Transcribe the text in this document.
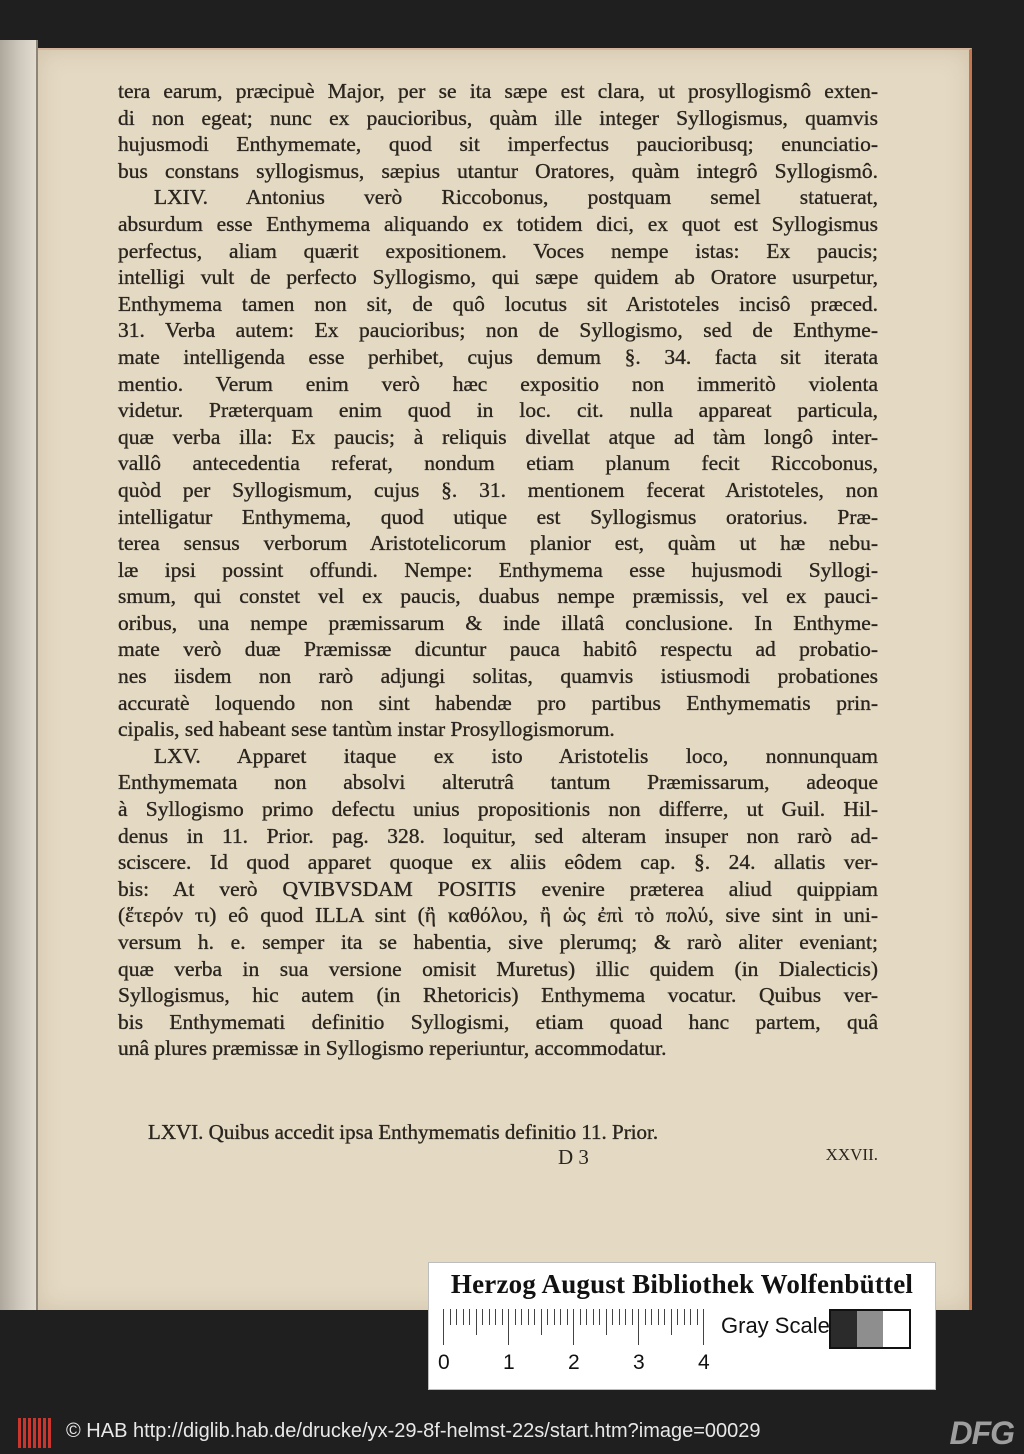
tera earum, præcipuè Major, per se ita sæpe est clara, ut prosyllogismô exten-
di non egeat; nunc ex paucioribus, quàm ille integer Syllogismus, quamvis
hujusmodi Enthymemate, quod sit imperfectus paucioribusq; enunciatio-
bus constans syllogismus, sæpius utantur Oratores, quàm integrô Syllogismô.
LXIV. Antonius verò Riccobonus, postquam semel statuerat,
absurdum esse Enthymema aliquando ex totidem dici, ex quot est Syllogismus
perfectus, aliam quærit expositionem. Voces nempe istas: Ex paucis;
intelligi vult de perfecto Syllogismo, qui sæpe quidem ab Oratore usurpetur,
Enthymema tamen non sit, de quô locutus sit Aristoteles incisô præced.
31. Verba autem: Ex paucioribus; non de Syllogismo, sed de Enthyme-
mate intelligenda esse perhibet, cujus demum §. 34. facta sit iterata
mentio. Verum enim verò hæc expositio non immeritò violenta
videtur. Præterquam enim quod in loc. cit. nulla appareat particula,
quæ verba illa: Ex paucis; à reliquis divellat atque ad tàm longô inter-
vallô antecedentia referat, nondum etiam planum fecit Riccobonus,
quòd per Syllogismum, cujus §. 31. mentionem fecerat Aristoteles, non
intelligatur Enthymema, quod utique est Syllogismus oratorius. Præ-
terea sensus verborum Aristotelicorum planior est, quàm ut hæ nebu-
læ ipsi possint offundi. Nempe: Enthymema esse hujusmodi Syllogi-
smum, qui constet vel ex paucis, duabus nempe præmissis, vel ex pauci-
oribus, una nempe præmissarum & inde illatâ conclusione. In Enthyme-
mate verò duæ Præmissæ dicuntur pauca habitô respectu ad probatio-
nes iisdem non rarò adjungi solitas, quamvis istiusmodi probationes
accuratè loquendo non sint habendæ pro partibus Enthymematis prin-
cipalis, sed habeant sese tantùm instar Prosyllogismorum.
LXV. Apparet itaque ex isto Aristotelis loco, nonnunquam
Enthymemata non absolvi alterutrâ tantum Præmissarum, adeoque
à Syllogismo primo defectu unius propositionis non differre, ut Guil. Hil-
denus in 11. Prior. pag. 328. loquitur, sed alteram insuper non rarò ad-
sciscere. Id quod apparet quoque ex aliis eôdem cap. §. 24. allatis ver-
bis: At verò QVIBVSDAM POSITIS evenire præterea aliud quippiam
(ἕτερόν τι) eô quod ILLA sint (ἢ καθόλου, ἢ ὡς ἐπὶ τὸ πολύ, sive sint in uni-
versum h. e. semper ita se habentia, sive plerumq; & rarò aliter eveniant;
quæ verba in sua versione omisit Muretus) illic quidem (in Dialecticis)
Syllogismus, hic autem (in Rhetoricis) Enthymema vocatur. Quibus ver-
bis Enthymemati definitio Syllogismi, etiam quoad hanc partem, quâ
unâ plures præmissæ in Syllogismo reperiuntur, accommodatur.
LXVI. Quibus accedit ipsa Enthymematis definitio 11. Prior.
D 3	XXVII.
Herzog August Bibliothek Wolfenbüttel
0	1	2	3	4
Gray Scale
© HAB http://diglib.hab.de/drucke/yx-29-8f-helmst-22s/start.htm?image=00029	DFG
